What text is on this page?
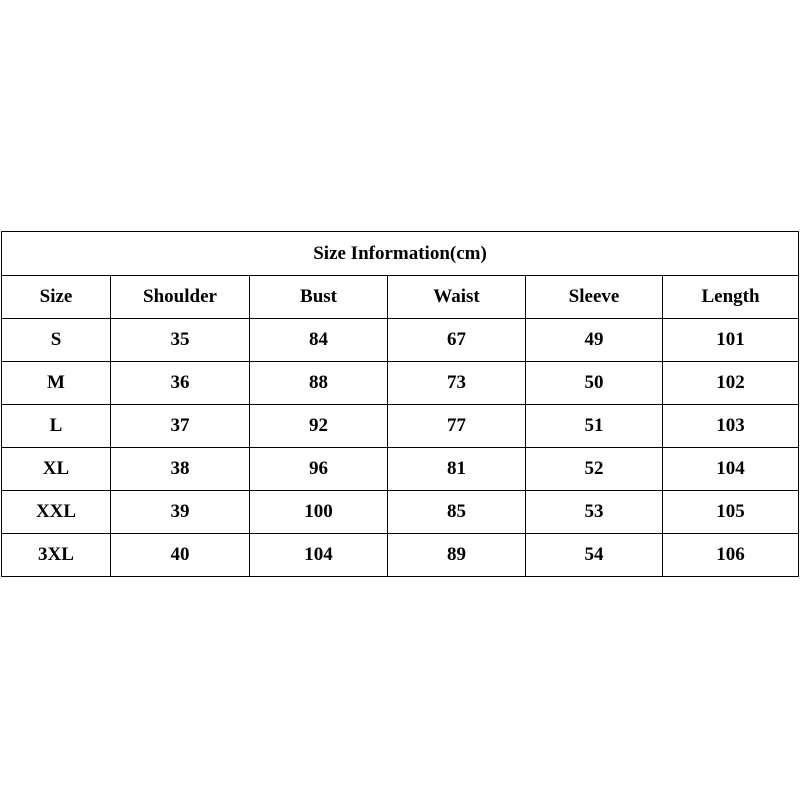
Size Information(cm)					
Size	Shoulder	Bust	Waist	Sleeve	Length
S	35	84	67	49	101
M	36	88	73	50	102
L	37	92	77	51	103
XL	38	96	81	52	104
XXL	39	100	85	53	105
3XL	40	104	89	54	106
